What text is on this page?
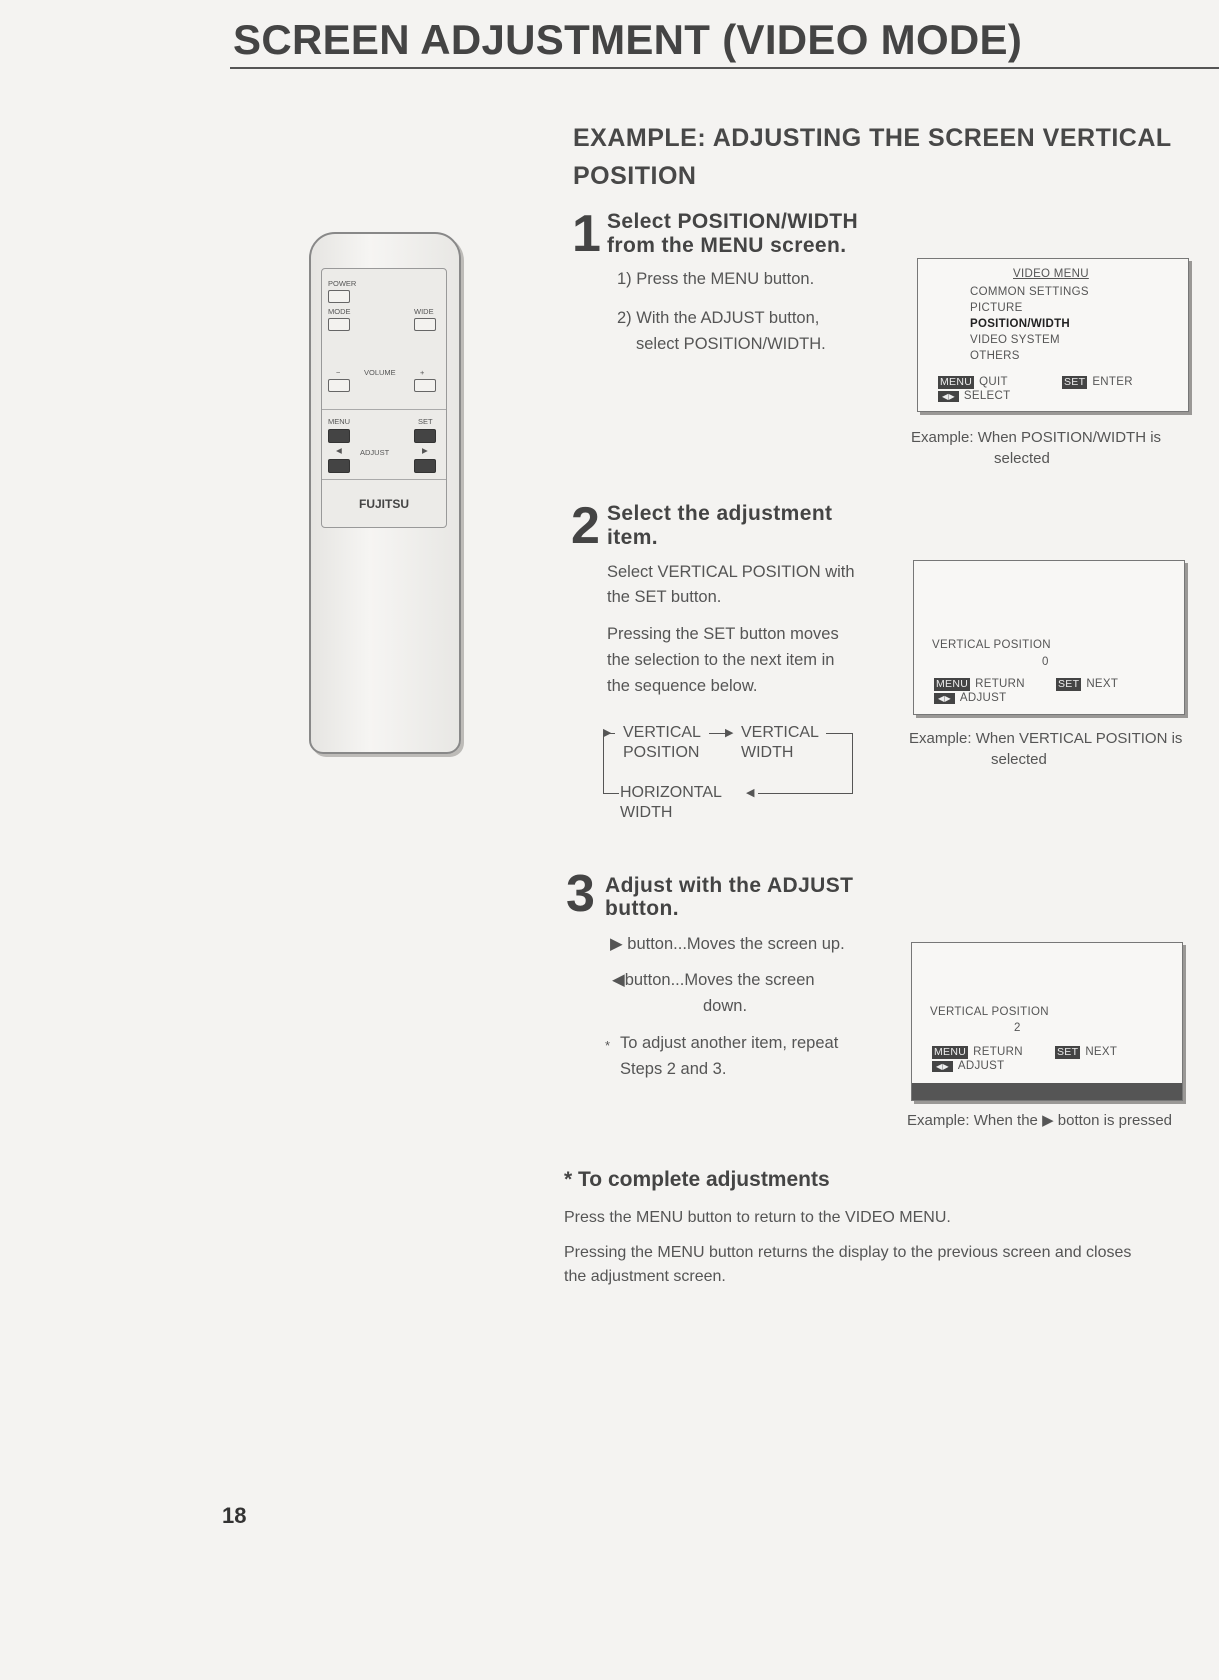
SCREEN ADJUSTMENT (VIDEO MODE)
EXAMPLE: ADJUSTING THE SCREEN VERTICAL
POSITION
POWER
MODE	WIDE
−	VOLUME	+
MENU	SET
◀ ADJUST	▶
FUJITSU
1 Select POSITION/WIDTH
from the MENU screen.
1) Press the MENU button.
2) With the ADJUST button,
select POSITION/WIDTH.
VIDEO MENU
COMMON SETTINGS
PICTURE
POSITION/WIDTH
VIDEO SYSTEM
OTHERS
MENU QUIT	SET ENTER
◀▶ SELECT
Example: When POSITION/WIDTH is
selected
2 Select the adjustment
item.
Select VERTICAL POSITION with
the SET button.
Pressing the SET button moves
the selection to the next item in
the sequence below.
▶ VERTICAL
POSITION
▶ VERTICAL
WIDTH
◀
HORIZONTAL
WIDTH
VERTICAL POSITION
0
MENU RETURN	SET NEXT
◀▶ ADJUST
Example: When VERTICAL POSITION is
selected
3 Adjust with the ADJUST
button.
▶ button...Moves the screen up.
◀button...Moves the screen
down.
* To adjust another item, repeat
Steps 2 and 3.
VERTICAL POSITION
2
MENU RETURN	SET NEXT
◀▶ ADJUST
Example: When the ▶ botton is pressed
* To complete adjustments
Press the MENU button to return to the VIDEO MENU.
Pressing the MENU button returns the display to the previous screen and closes
the adjustment screen.
18
